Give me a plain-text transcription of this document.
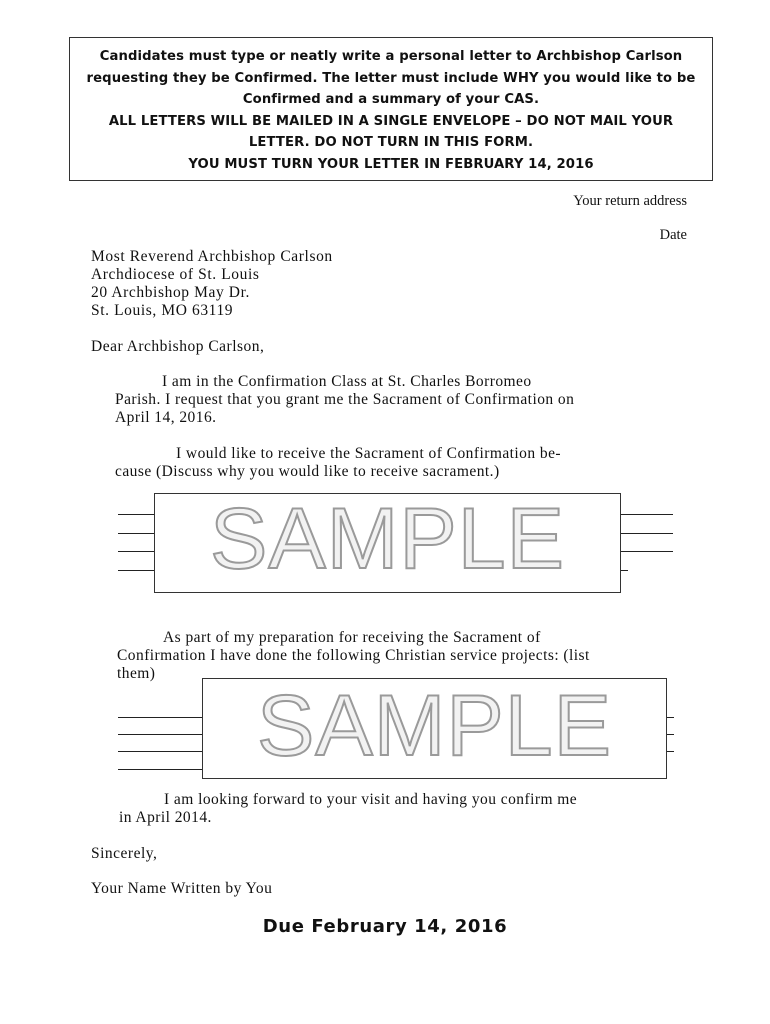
Candidates must type or neatly write a personal letter to Archbishop Carlson
requesting they be Confirmed. The letter must include WHY you would like to be
Confirmed and a summary of your CAS.
ALL LETTERS WILL BE MAILED IN A SINGLE ENVELOPE – DO NOT MAIL YOUR
LETTER. DO NOT TURN IN THIS FORM.
YOU MUST TURN YOUR LETTER IN FEBRUARY 14, 2016
Your return address
Date
Most Reverend Archbishop Carlson
Archdiocese of St. Louis
20 Archbishop May Dr.
St. Louis, MO 63119
Dear Archbishop Carlson,
I am in the Confirmation Class at St. Charles Borromeo
Parish. I request that you grant me the Sacrament of Confirmation on
April 14, 2016.
I would like to receive the Sacrament of Confirmation be-
cause (Discuss why you would like to receive sacrament.)
SAMPLE
As part of my preparation for receiving the Sacrament of
Confirmation I have done the following Christian service projects: (list
them)
SAMPLE
I am looking forward to your visit and having you confirm me
in April 2014.
Sincerely,
Your Name Written by You
Due February 14, 2016
